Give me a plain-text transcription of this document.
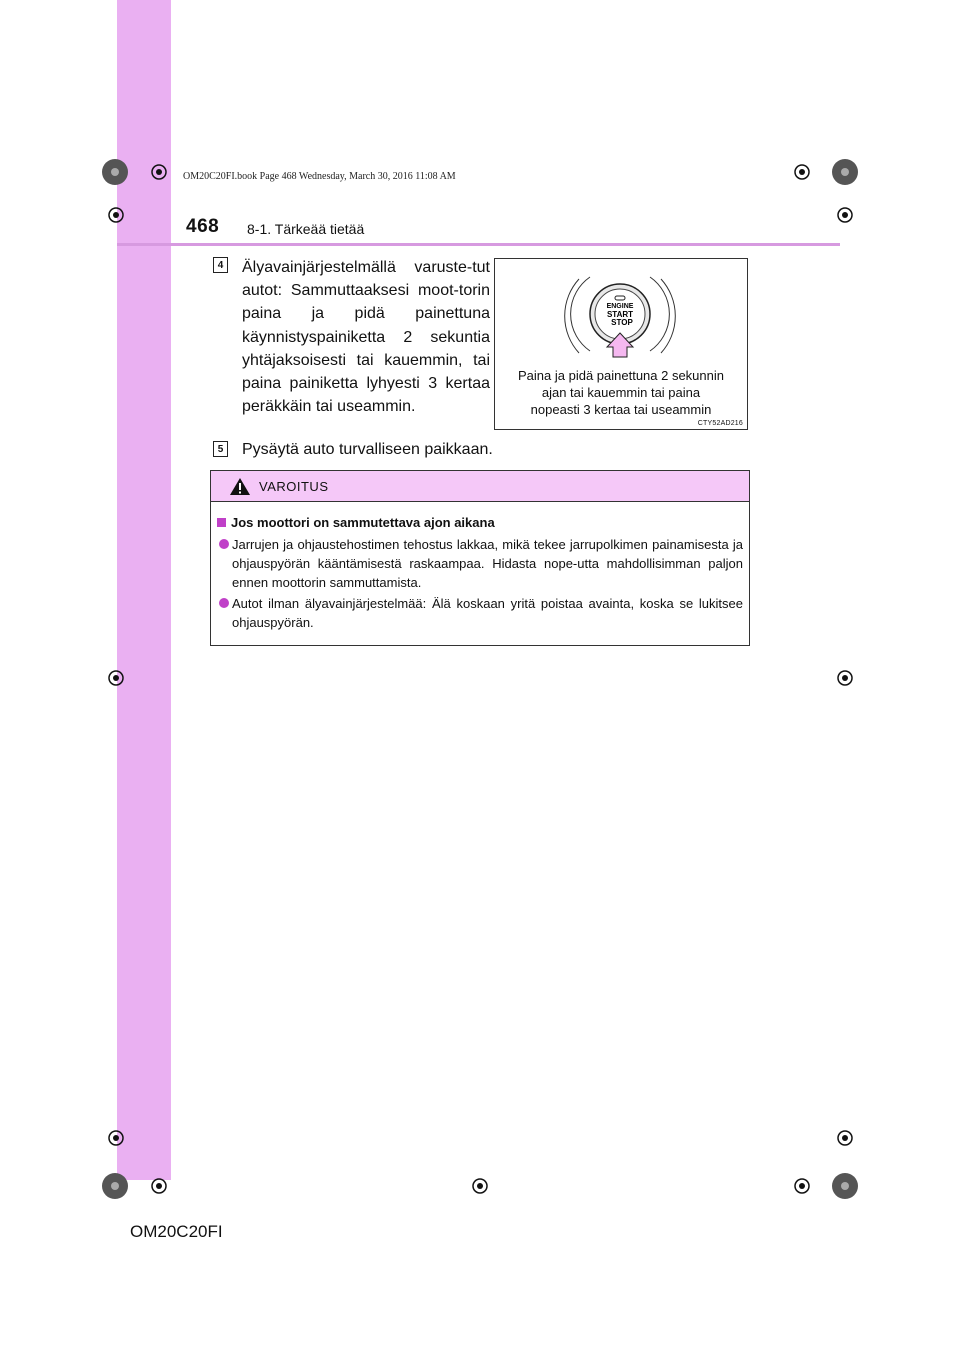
OM20C20FI.book Page 468 Wednesday, March 30, 2016 11:08 AM
468 8-1. Tärkeää tietää
4 Älyavainjärjestelmällä varuste-tut autot: Sammuttaaksesi moot-torin paina ja pidä painettuna käynnistyspainiketta 2 sekuntia yhtäjaksoisesti tai kauemmin, tai paina painiketta lyhyesti 3 kertaa peräkkäin tai useammin.
ENGINE
START
STOP
Paina ja pidä painettuna 2 sekunnin
ajan tai kauemmin tai paina
nopeasti 3 kertaa tai useammin
CTY52AD216
5 Pysäytä auto turvalliseen paikkaan.
VAROITUS
Jos moottori on sammutettava ajon aikana
Jarrujen ja ohjaustehostimen tehostus lakkaa, mikä tekee jarrupolkimen painamisesta ja ohjauspyörän kääntämisestä raskaampaa. Hidasta nope-utta mahdollisimman paljon ennen moottorin sammuttamista.
Autot ilman älyavainjärjestelmää: Älä koskaan yritä poistaa avainta, koska se lukitsee ohjauspyörän.
OM20C20FI
